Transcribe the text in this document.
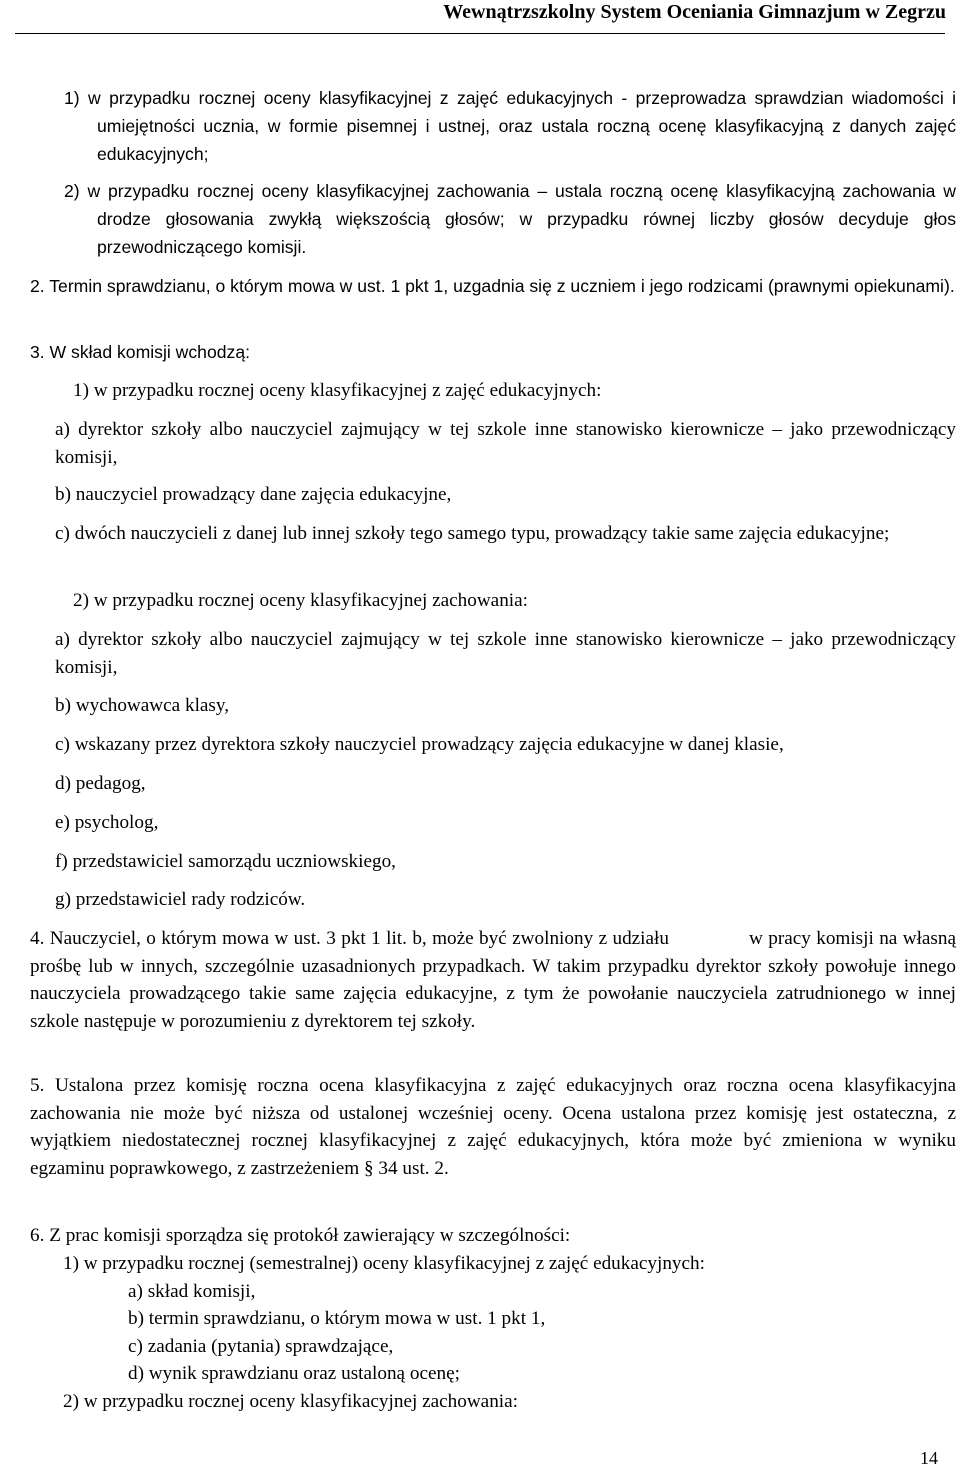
Wewnątrzszkolny System Oceniania Gimnazjum w Zegrzu

1) w przypadku rocznej oceny klasyfikacyjnej z zajęć edukacyjnych - przeprowadza sprawdzian wiadomości i umiejętności ucznia, w formie pisemnej i ustnej, oraz ustala roczną ocenę klasyfikacyjną z danych zajęć edukacyjnych;

2) w przypadku rocznej oceny klasyfikacyjnej zachowania – ustala roczną ocenę klasyfikacyjną zachowania w drodze głosowania zwykłą większością głosów; w przypadku równej liczby głosów decyduje głos przewodniczącego komisji.

2. Termin sprawdzianu, o którym mowa w ust. 1 pkt 1, uzgadnia się z uczniem i jego rodzicami (prawnymi opiekunami).

3. W skład komisji wchodzą:

1) w przypadku rocznej oceny klasyfikacyjnej z zajęć edukacyjnych:

a) dyrektor szkoły albo nauczyciel zajmujący w tej szkole inne stanowisko kierownicze – jako przewodniczący komisji,

b) nauczyciel prowadzący dane zajęcia edukacyjne,

c) dwóch nauczycieli z danej lub innej szkoły tego samego typu, prowadzący takie same zajęcia edukacyjne;

2) w przypadku rocznej oceny klasyfikacyjnej zachowania:

a) dyrektor szkoły albo nauczyciel zajmujący w tej szkole inne stanowisko kierownicze – jako przewodniczący komisji,

b) wychowawca klasy,

c) wskazany przez dyrektora szkoły nauczyciel prowadzący zajęcia edukacyjne w danej klasie,

d) pedagog,

e) psycholog,

f) przedstawiciel samorządu uczniowskiego,

g) przedstawiciel rady rodziców.

4. Nauczyciel, o którym mowa w ust. 3 pkt 1 lit. b, może być zwolniony z udziału	w pracy komisji na własną prośbę lub w innych, szczególnie uzasadnionych przypadkach. W takim przypadku dyrektor szkoły powołuje innego nauczyciela prowadzącego takie same zajęcia edukacyjne, z tym że powołanie nauczyciela zatrudnionego w innej szkole następuje w porozumieniu z dyrektorem tej szkoły.

5. Ustalona przez komisję roczna ocena klasyfikacyjna z zajęć edukacyjnych oraz roczna ocena klasyfikacyjna zachowania nie może być niższa od ustalonej wcześniej oceny. Ocena ustalona przez komisję jest ostateczna, z wyjątkiem niedostatecznej rocznej klasyfikacyjnej z zajęć edukacyjnych, która może być zmieniona w wyniku egzaminu poprawkowego, z zastrzeżeniem § 34 ust. 2.

6. Z prac komisji sporządza się protokół zawierający w szczególności:

1) w przypadku rocznej (semestralnej) oceny klasyfikacyjnej z zajęć edukacyjnych:

a) skład komisji,

b) termin sprawdzianu, o którym mowa w ust. 1 pkt 1,

c) zadania (pytania) sprawdzające,

d) wynik sprawdzianu oraz ustaloną ocenę;

2) w przypadku rocznej oceny klasyfikacyjnej zachowania:

14
